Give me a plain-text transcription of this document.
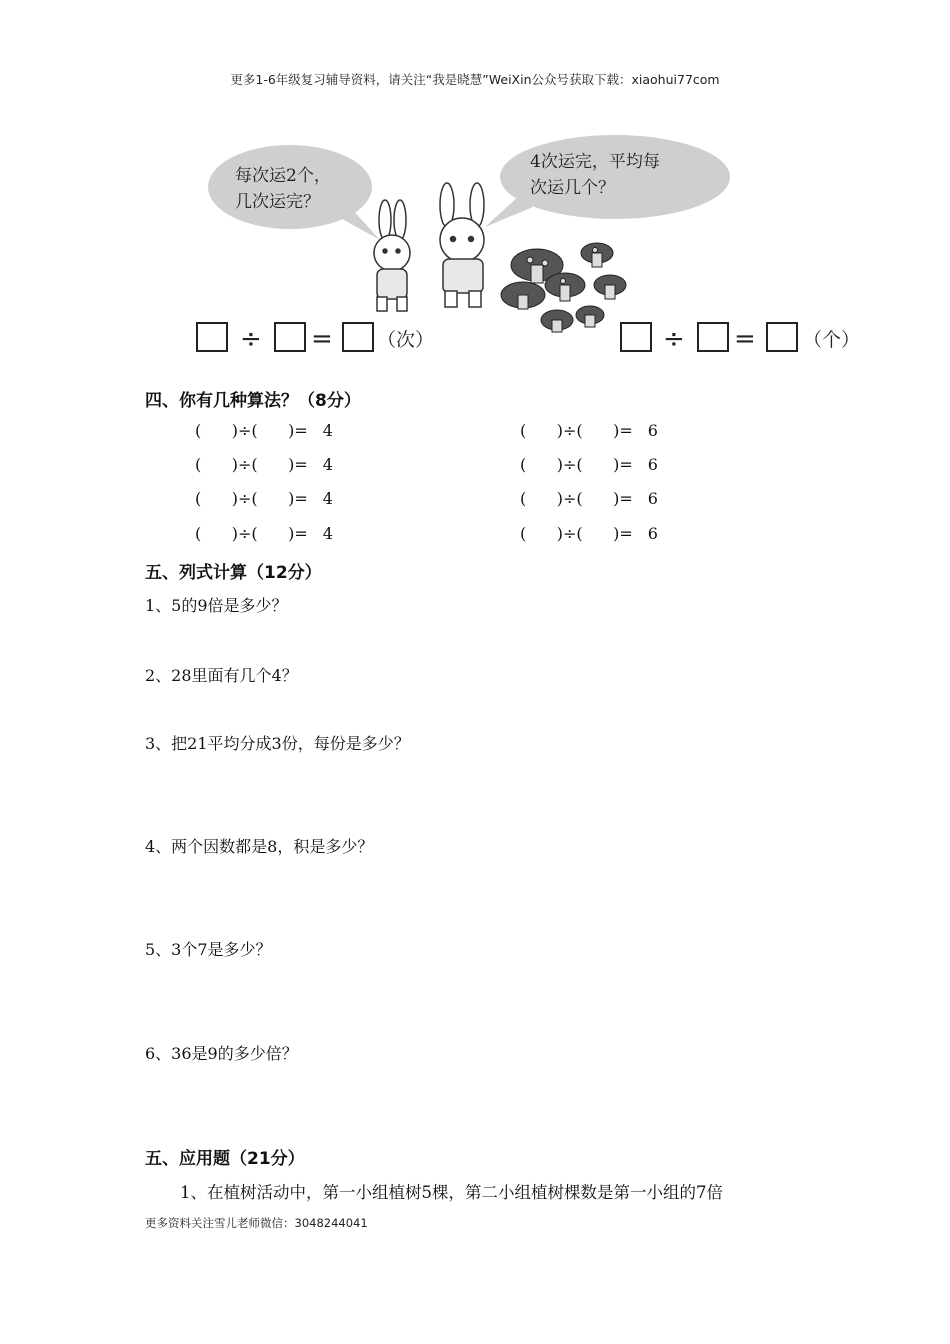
更多1-6年级复习辅导资料，请关注“我是晓慧”WeiXin公众号获取下载：xiaohui77com
每次运2个，
几次运完？
4次运完，平均每
次运几个？
÷ = （次）	÷ = （个）
四、你有几种算法？（8分）
(      )÷(      )= 4	(      )÷(      )= 6
(      )÷(      )= 4	(      )÷(      )= 6
(      )÷(      )= 4	(      )÷(      )= 6
(      )÷(      )= 4	(      )÷(      )= 6
五、列式计算（12分）
1、5的9倍是多少？
2、28里面有几个4？
3、把21平均分成3份，每份是多少？
4、两个因数都是8，积是多少？
5、3个7是多少？
6、36是9的多少倍？
五、应用题（21分）
1、在植树活动中，第一小组植树5棵，第二小组植树棵数是第一小组的7倍
更多资料关注雪儿老师微信：3048244041
